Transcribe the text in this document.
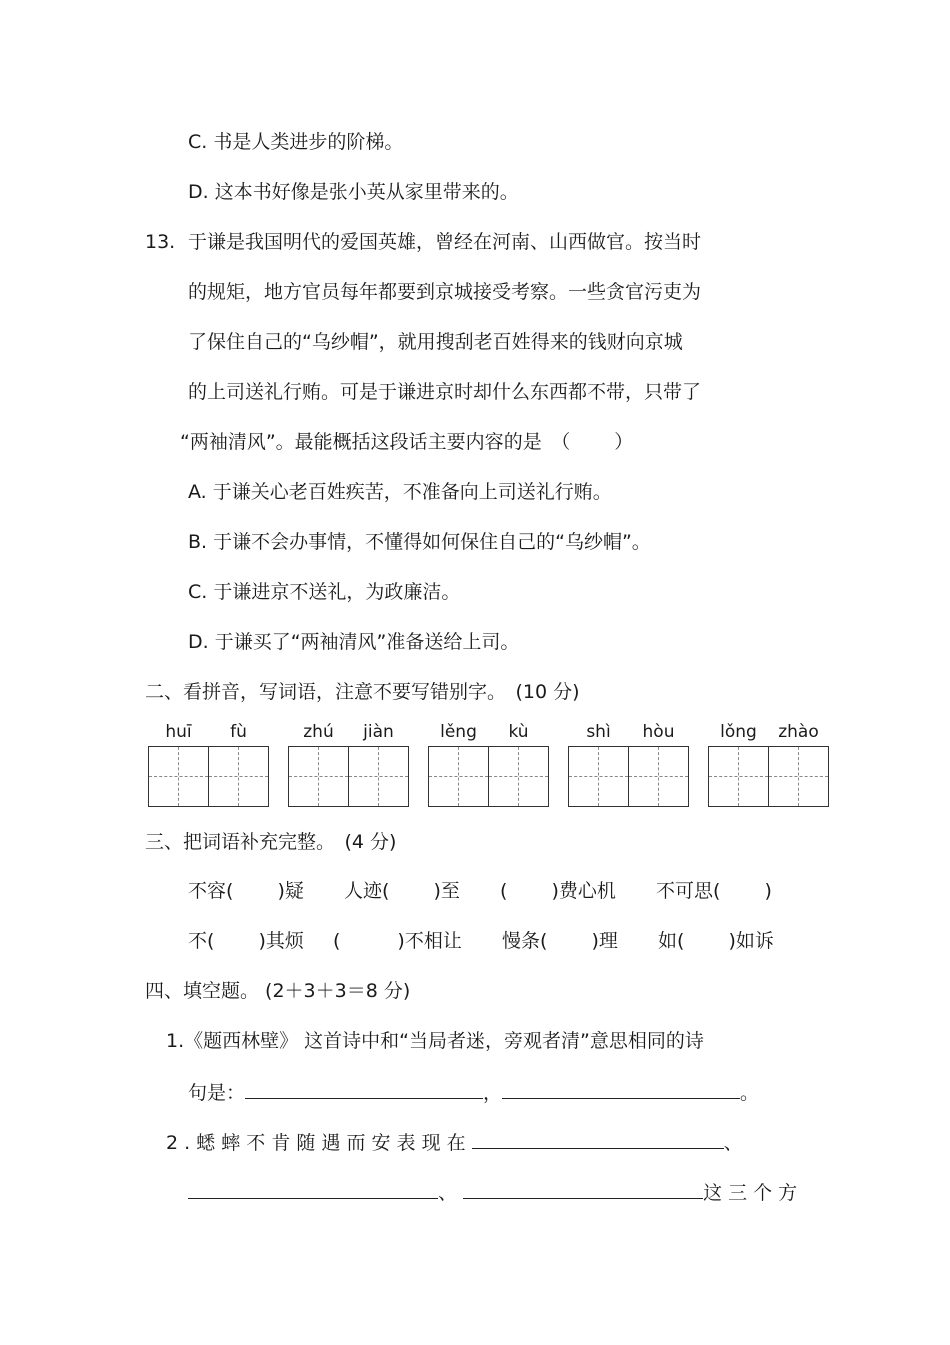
C. 书是人类进步的阶梯。
D. 这本书好像是张小英从家里带来的。
13. 于谦是我国明代的爱国英雄，曾经在河南、山西做官。按当时
的规矩，地方官员每年都要到京城接受考察。一些贪官污吏为
了保住自己的“乌纱帽”，就用搜刮老百姓得来的钱财向京城
的上司送礼行贿。可是于谦进京时却什么东西都不带，只带了
“两袖清风”。最能概括这段话主要内容的是　（　　 ）
A. 于谦关心老百姓疾苦，不准备向上司送礼行贿。
B. 于谦不会办事情，不懂得如何保住自己的“乌纱帽”。
C. 于谦进京不送礼，为政廉洁。
D. 于谦买了“两袖清风”准备送给上司。
二、看拼音，写词语，注意不要写错别字。　(10 分)
huī	fù	zhú	jiàn	lěng	kù	shì	hòu	lǒng	zhào
三、把词语补充完整。　(4 分)
不容(　　 )疑 人迹(　　 )至 (　　 )费心机 不可思(　　 )
不(　　 )其烦 (　　　)不相让 慢条(　　 )理 如(　　 )如诉
四、填空题。 (2＋3＋3＝8 分)
1.《题西林壁》 这首诗中和“当局者迷，旁观者清”意思相同的诗
句是：	，	。
2 . 蟋 蟀 不 肯 随 遇 而 安 表 现 在	、
、	这 三 个 方
